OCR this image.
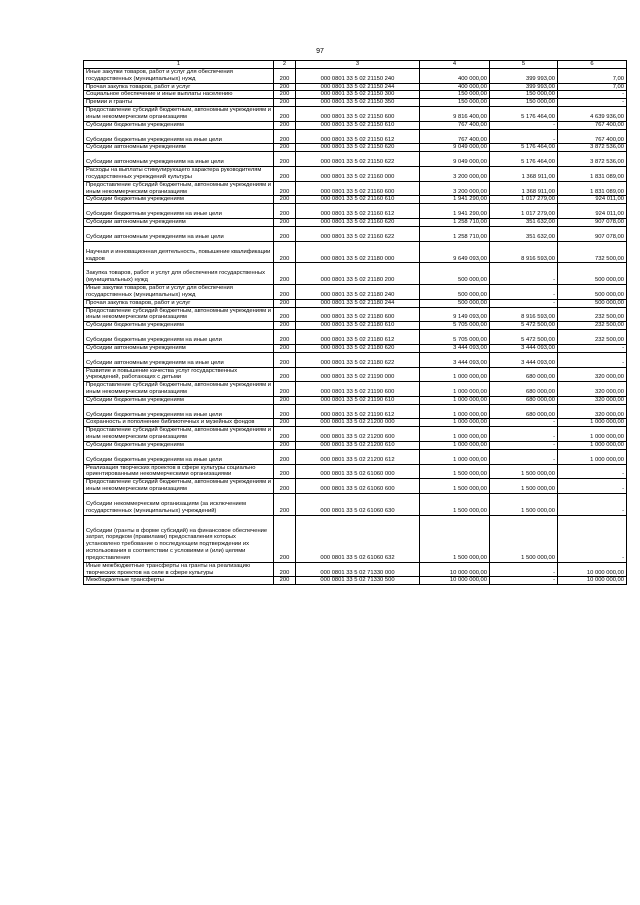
97
1	2	3	4	5	6
Иные закупки товаров, работ и услуг для обеспечения государственных (муниципальных) нужд	200	000 0801 33 5 02 21150 240	400 000,00	399 993,00	7,00
Прочая закупка товаров, работ и услуг	200	000 0801 33 5 02 21150 244	400 000,00	399 993,00	7,00
Социальное обеспечение и иные выплаты населению	200	000 0801 33 5 02 21150 300	150 000,00	150 000,00	-
Премии и гранты	200	000 0801 33 5 02 21150 350	150 000,00	150 000,00	-
Предоставление субсидий бюджетным, автономным учреждениям и иным некоммерческим организациям	200	000 0801 33 5 02 21150 600	9 816 400,00	5 176 464,00	4 639 936,00
Субсидии бюджетным учреждениям	200	000 0801 33 5 02 21150 610	767 400,00	-	767 400,00
Субсидии бюджетным учреждениям на иные цели	200	000 0801 33 5 02 21150 612	767 400,00	-	767 400,00
Субсидии автономным учреждениям	200	000 0801 33 5 02 21150 620	9 049 000,00	5 176 464,00	3 872 536,00
Субсидии автономным учреждениям на иные цели	200	000 0801 33 5 02 21150 622	9 049 000,00	5 176 464,00	3 872 536,00
Расходы на выплаты стимулирующего характера руководителям государственных учреждений культуры	200	000 0801 33 5 02 21160 000	3 200 000,00	1 368 911,00	1 831 089,00
Предоставление субсидий бюджетным, автономным учреждениям и иным некоммерческим организациям	200	000 0801 33 5 02 21160 600	3 200 000,00	1 368 911,00	1 831 089,00
Субсидии бюджетным учреждениям	200	000 0801 33 5 02 21160 610	1 941 290,00	1 017 279,00	924 011,00
Субсидии бюджетным учреждениям на иные цели	200	000 0801 33 5 02 21160 612	1 941 290,00	1 017 279,00	924 011,00
Субсидии автономным учреждениям	200	000 0801 33 5 02 21160 620	1 258 710,00	351 632,00	907 078,00
Субсидии автономным учреждениям на иные цели	200	000 0801 33 5 02 21160 622	1 258 710,00	351 632,00	907 078,00
Научная и инновационная деятельность, повышение квалификации кадров	200	000 0801 33 5 02 21180 000	9 649 093,00	8 916 593,00	732 500,00
Закупка товаров, работ и услуг для обеспечения государственных (муниципальных) нужд	200	000 0801 33 5 02 21180 200	500 000,00	-	500 000,00
Иные закупки товаров, работ и услуг для обеспечения государственных (муниципальных) нужд	200	000 0801 33 5 02 21180 240	500 000,00	-	500 000,00
Прочая закупка товаров, работ и услуг	200	000 0801 33 5 02 21180 244	500 000,00	-	500 000,00
Предоставление субсидий бюджетным, автономным учреждениям и иным некоммерческим организациям	200	000 0801 33 5 02 21180 600	9 149 093,00	8 916 593,00	232 500,00
Субсидии бюджетным учреждениям	200	000 0801 33 5 02 21180 610	5 705 000,00	5 472 500,00	232 500,00
Субсидии бюджетным учреждениям на иные цели	200	000 0801 33 5 02 21180 612	5 705 000,00	5 472 500,00	232 500,00
Субсидии автономным учреждениям	200	000 0801 33 5 02 21180 620	3 444 093,00	3 444 093,00	-
Субсидии автономным учреждениям на иные цели	200	000 0801 33 5 02 21180 622	3 444 093,00	3 444 093,00	-
Развитие и повышение качества услуг государственных учреждений, работающих с детьми	200	000 0801 33 5 02 21190 000	1 000 000,00	680 000,00	320 000,00
Предоставление субсидий бюджетным, автономным учреждениям и иным некоммерческим организациям	200	000 0801 33 5 02 21190 600	1 000 000,00	680 000,00	320 000,00
Субсидии бюджетным учреждениям	200	000 0801 33 5 02 21190 610	1 000 000,00	680 000,00	320 000,00
Субсидии бюджетным учреждениям на иные цели	200	000 0801 33 5 02 21190 612	1 000 000,00	680 000,00	320 000,00
Сохранность и пополнение библиотечных и музейных фондов	200	000 0801 33 5 02 21200 000	1 000 000,00	-	1 000 000,00
Предоставление субсидий бюджетным, автономным учреждениям и иным некоммерческим организациям	200	000 0801 33 5 02 21200 600	1 000 000,00	-	1 000 000,00
Субсидии бюджетным учреждениям	200	000 0801 33 5 02 21200 610	1 000 000,00	-	1 000 000,00
Субсидии бюджетным учреждениям на иные цели	200	000 0801 33 5 02 21200 612	1 000 000,00	-	1 000 000,00
Реализация творческих проектов в сфере культуры социально ориентированными некоммерческими организациями	200	000 0801 33 5 02 61060 000	1 500 000,00	1 500 000,00	-
Предоставление субсидий бюджетным, автономным учреждениям и иным некоммерческим организациям	200	000 0801 33 5 02 61060 600	1 500 000,00	1 500 000,00	-
Субсидии некоммерческим организациям (за исключением государственных (муниципальных) учреждений)	200	000 0801 33 5 02 61060 630	1 500 000,00	1 500 000,00	-
Субсидии (гранты в форме субсидий) на финансовое обеспечение затрат, порядком (правилами) предоставления которых установлено требование о последующем подтверждении их использования в соответствии с условиями и (или) целями предоставления	200	000 0801 33 5 02 61060 632	1 500 000,00	1 500 000,00	-
Иные межбюджетные трансферты на гранты на реализацию творческих проектов на селе в сфере культуры	200	000 0801 33 5 02 71330 000	10 000 000,00	-	10 000 000,00
Межбюджетные трансферты	200	000 0801 33 5 02 71330 500	10 000 000,00	-	10 000 000,00
